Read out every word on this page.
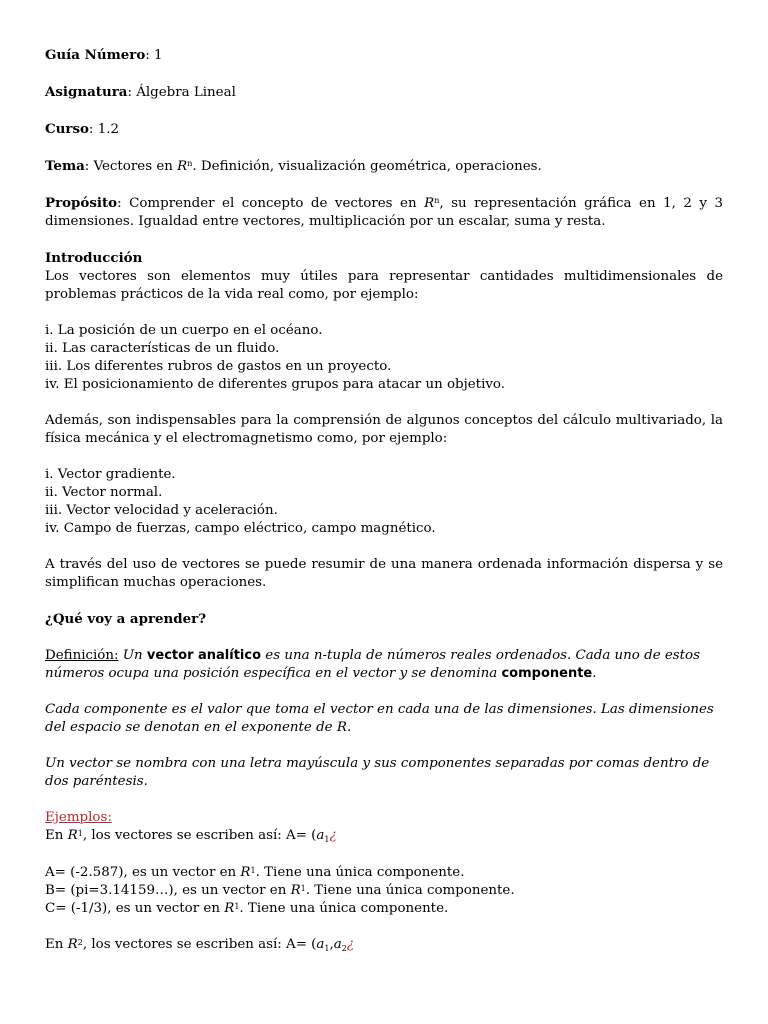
Guía Número: 1

Asignatura: Álgebra Lineal

Curso: 1.2

Tema: Vectores en $R^n$. Definición, visualización geométrica, operaciones.

Propósito: Comprender el concepto de vectores en $R^n$, su representación gráfica en 1, 2 y 3 dimensiones. Igualdad entre vectores, multiplicación por un escalar, suma y resta.

Introducción

Los vectores son elementos muy útiles para representar cantidades multidimensionales de problemas prácticos de la vida real como, por ejemplo:

i. La posición de un cuerpo en el océano.

ii. Las características de un fluido.

iii. Los diferentes rubros de gastos en un proyecto.

iv. El posicionamiento de diferentes grupos para atacar un objetivo.

Además, son indispensables para la comprensión de algunos conceptos del cálculo multivariado, la física mecánica y el electromagnetismo como, por ejemplo:

i. Vector gradiente.

ii. Vector normal.

iii. Vector velocidad y aceleración.

iv. Campo de fuerzas, campo eléctrico, campo magnético.

A través del uso de vectores se puede resumir de una manera ordenada información dispersa y se simplifican muchas operaciones.

¿Qué voy a aprender?

Definición: Un vector analítico es una n-tupla de números reales ordenados. Cada uno de estos números ocupa una posición específica en el vector y se denomina componente.

Cada componente es el valor que toma el vector en cada una de las dimensiones. Las dimensiones del espacio se denotan en el exponente de R.

Un vector se nombra con una letra mayúscula y sus componentes separadas por comas dentro de dos paréntesis.

Ejemplos:

En $R^1$, los vectores se escriben así: $A= (a_1¿$

A= (-2.587), es un vector en $R^1$. Tiene una única componente.

B= (pi=3.14159…), es un vector en $R^1$. Tiene una única componente.

C= (-1/3), es un vector en $R^1$. Tiene una única componente.

En $R^2$, los vectores se escriben así: $A= (a_1,a_2¿$
